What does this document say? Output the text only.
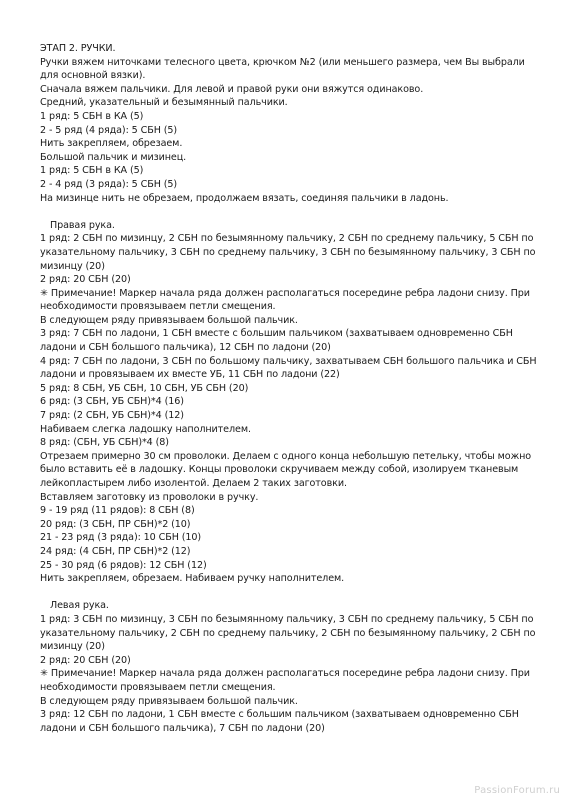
ЭТАП 2. РУЧКИ.

Ручки вяжем ниточками телесного цвета, крючком №2 (или меньшего размера, чем Вы выбрали для основной вязки).

Сначала вяжем пальчики. Для левой и правой руки они вяжутся одинаково.

Средний, указательный и безымянный пальчики.

1 ряд: 5 СБН в КА (5)

2 - 5 ряд (4 ряда): 5 СБН (5)

Нить закрепляем, обрезаем.

Большой пальчик и мизинец.

1 ряд: 5 СБН в КА (5)

2 - 4 ряд (3 ряда): 5 СБН (5)

На мизинце нить не обрезаем, продолжаем вязать, соединяя пальчики в ладонь.

Правая рука.

1 ряд: 2 СБН по мизинцу, 2 СБН по безымянному пальчику, 2 СБН по среднему пальчику, 5 СБН по указательному пальчику, 3 СБН по среднему пальчику, 3 СБН по безымянному пальчику, 3 СБН по мизинцу (20)

2 ряд: 20 СБН (20)

✳ Примечание! Маркер начала ряда должен располагаться посередине ребра ладони снизу. При необходимости провязываем петли смещения.

В следующем ряду привязываем большой пальчик.

3 ряд: 7 СБН по ладони, 1 СБН вместе с большим пальчиком (захватываем одновременно СБН ладони и СБН большого пальчика), 12 СБН по ладони (20)

4 ряд: 7 СБН по ладони, 3 СБН по большому пальчику, захватываем СБН большого пальчика и СБН ладони и провязываем их вместе УБ, 11 СБН по ладони (22)

5 ряд: 8 СБН, УБ СБН, 10 СБН, УБ СБН (20)

6 ряд: (3 СБН, УБ СБН)*4 (16)

7 ряд: (2 СБН, УБ СБН)*4 (12)

Набиваем слегка ладошку наполнителем.

8 ряд: (СБН, УБ СБН)*4 (8)

Отрезаем примерно 30 см проволоки. Делаем с одного конца небольшую петельку, чтобы можно было вставить её в ладошку. Концы проволоки скручиваем между собой, изолируем тканевым лейкопластырем либо изолентой. Делаем 2 таких заготовки.

Вставляем заготовку из проволоки в ручку.

9 - 19 ряд (11 рядов): 8 СБН (8)

20 ряд: (3 СБН, ПР СБН)*2 (10)

21 - 23 ряд (3 ряда): 10 СБН (10)

24 ряд: (4 СБН, ПР СБН)*2 (12)

25 - 30 ряд (6 рядов): 12 СБН (12)

Нить закрепляем, обрезаем. Набиваем ручку наполнителем.

Левая рука.

1 ряд: 3 СБН по мизинцу, 3 СБН по безымянному пальчику, 3 СБН по среднему пальчику, 5 СБН по указательному пальчику, 2 СБН по среднему пальчику, 2 СБН по безымянному пальчику, 2 СБН по мизинцу (20)

2 ряд: 20 СБН (20)

✳ Примечание! Маркер начала ряда должен располагаться посередине ребра ладони снизу. При необходимости провязываем петли смещения.

В следующем ряду привязываем большой пальчик.

3 ряд: 12 СБН по ладони, 1 СБН вместе с большим пальчиком (захватываем одновременно СБН ладони и СБН большого пальчика), 7 СБН по ладони (20)

PassionForum.ru
